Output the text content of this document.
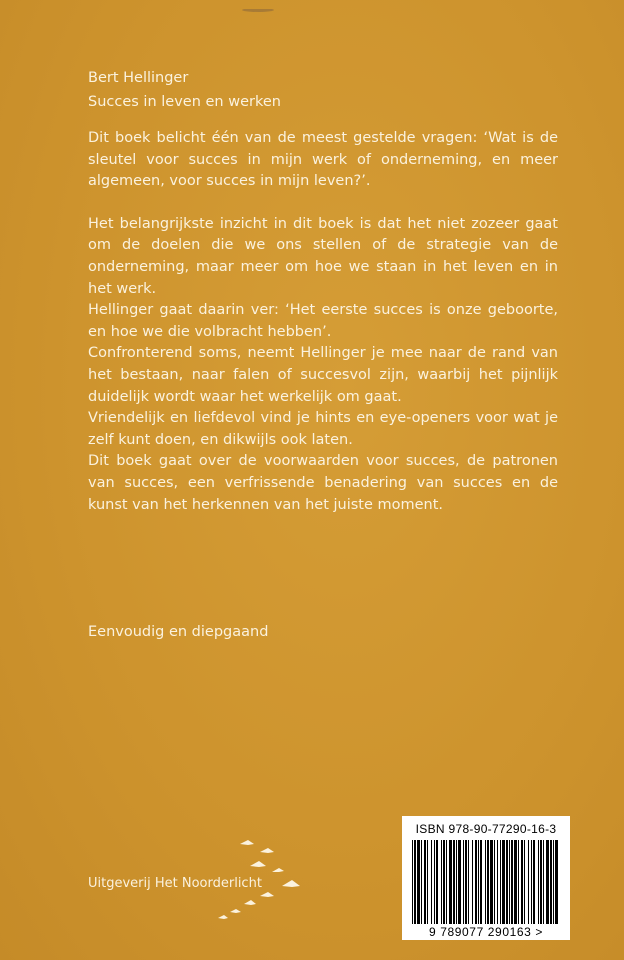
Bert Hellinger
Succes in leven en werken

Dit boek belicht één van de meest gestelde vragen: ‘Wat is de sleutel voor succes in mijn werk of onderneming, en meer algemeen, voor succes in mijn leven?’.

Het belangrijkste inzicht in dit boek is dat het niet zozeer gaat om de doelen die we ons stellen of de strategie van de onderneming, maar meer om hoe we staan in het leven en in het werk.

Hellinger gaat daarin ver: ‘Het eerste succes is onze geboorte, en hoe we die volbracht hebben’.

Confronterend soms, neemt Hellinger je mee naar de rand van het bestaan, naar falen of succesvol zijn, waarbij het pijnlijk duidelijk wordt waar het werkelijk om gaat.

Vriendelijk en liefdevol vind je hints en eye-openers voor wat je zelf kunt doen, en dikwijls ook laten.

Dit boek gaat over de voorwaarden voor succes, de patronen van succes, een verfrissende benadering van succes en de kunst van het herkennen van het juiste moment.

Eenvoudig en diepgaand
Uitgeverij Het Noorderlicht
ISBN 978-90-77290-16-3
9 789077 290163 >
